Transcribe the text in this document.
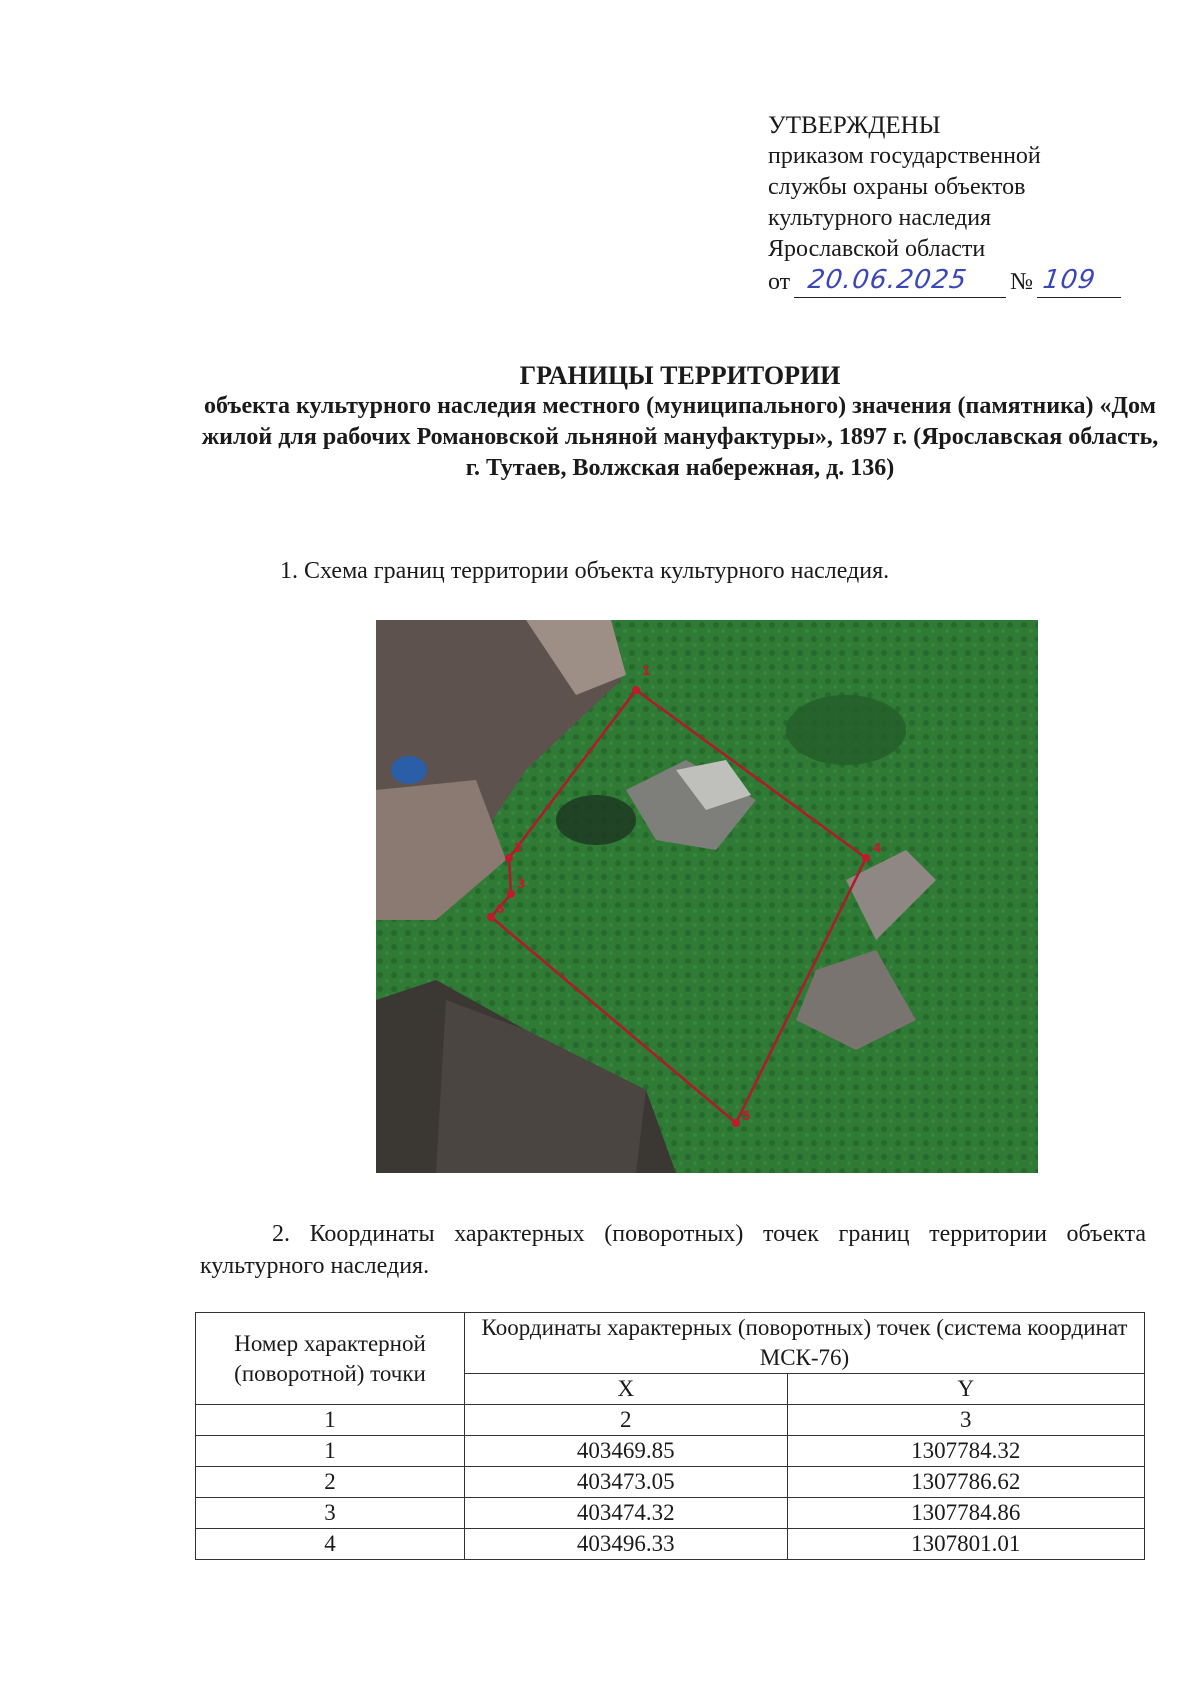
УТВЕРЖДЕНЫ
приказом государственной
службы охраны объектов
культурного наследия
Ярославской области
от 20.06.2025 № 109
ГРАНИЦЫ ТЕРРИТОРИИ
объекта культурного наследия местного (муниципального) значения (памятника) «Дом жилой для рабочих Романовской льняной мануфактуры», 1897 г. (Ярославская область, г. Тутаев, Волжская набережная, д. 136)
1. Схема границ территории объекта культурного наследия.
1
2
3
4
5
6
2. Координаты характерных (поворотных) точек границ территории объекта культурного наследия.
Номер характерной (поворотной) точки	Координаты характерных (поворотных) точек (система координат МСК-76)	
	X	Y
1	2	3
1	403469.85	1307784.32
2	403473.05	1307786.62
3	403474.32	1307784.86
4	403496.33	1307801.01
